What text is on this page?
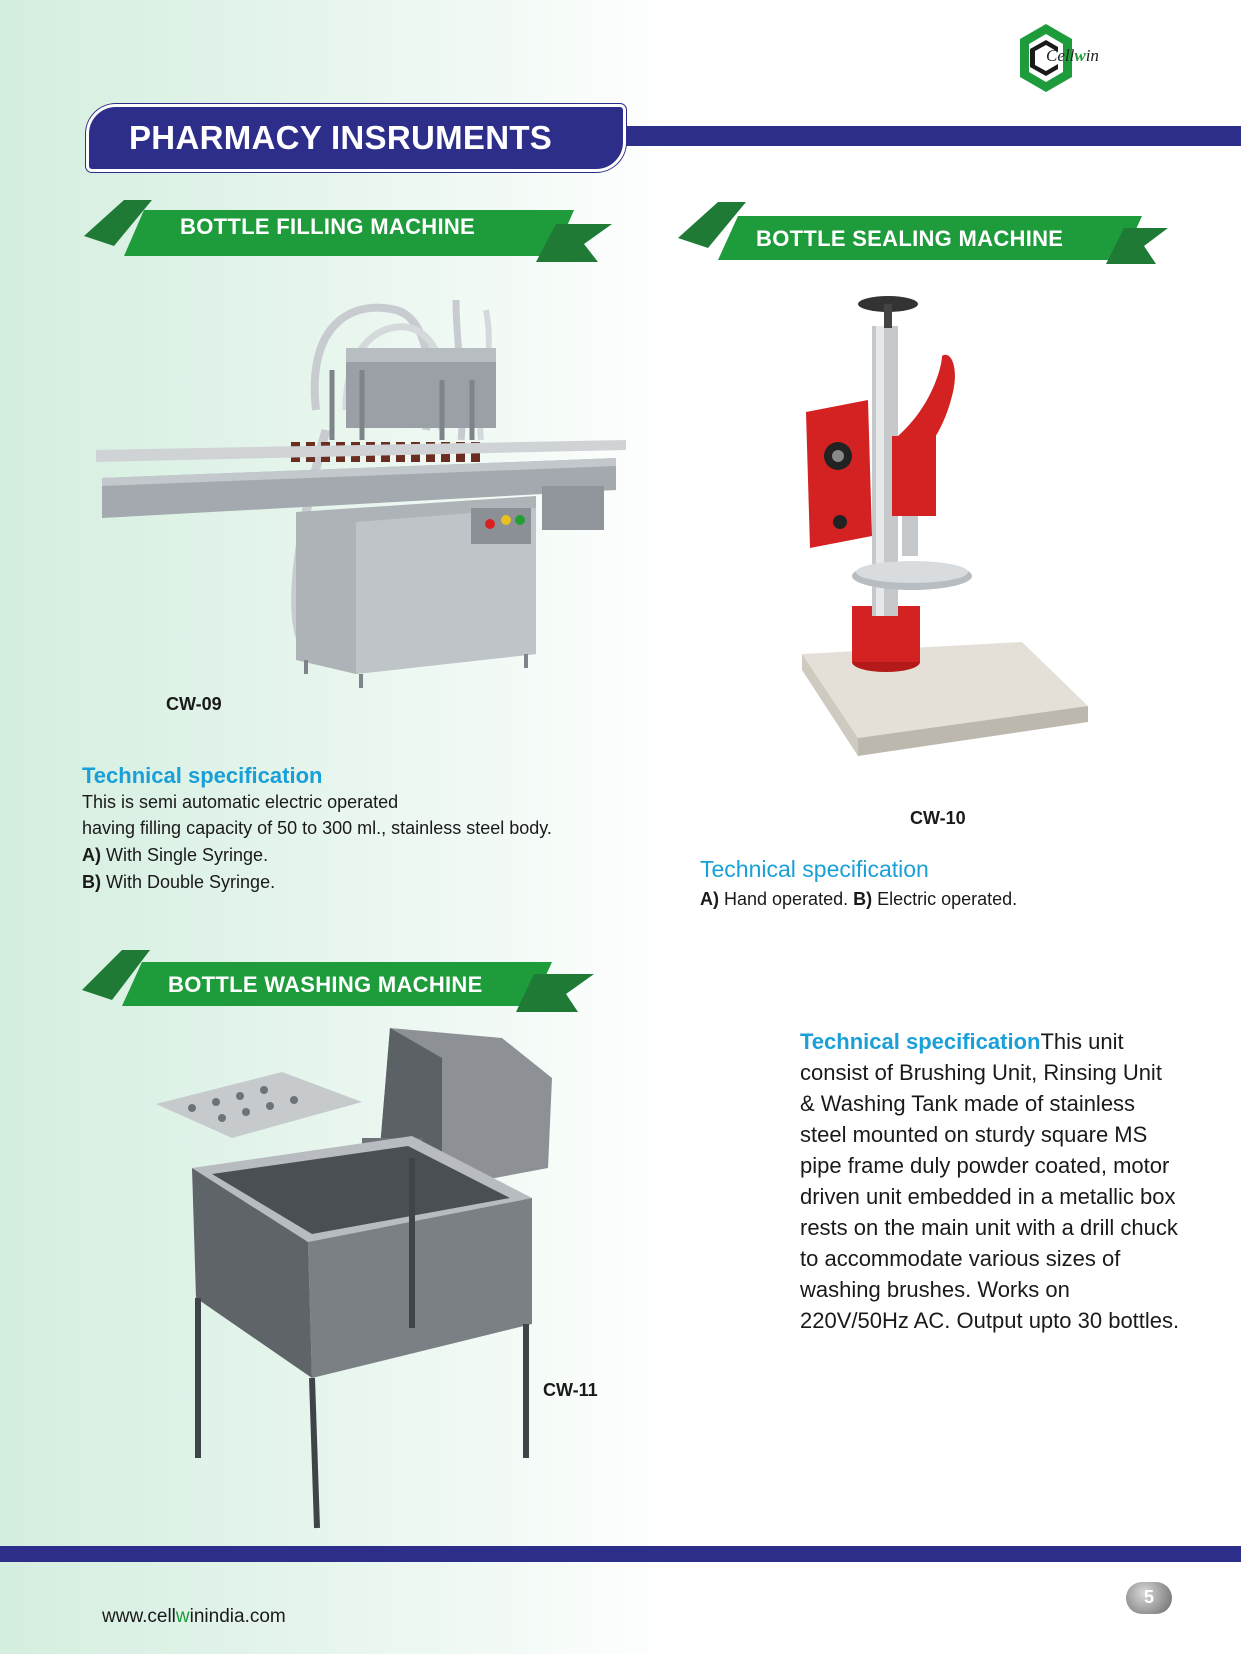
Cellwin
PHARMACY INSRUMENTS
BOTTLE FILLING MACHINE	BOTTLE SEALING MACHINE
BOTTLE WASHING MACHINE
CW-09
Technical specification
This is semi automatic electric operated
having filling capacity of 50 to 300 ml., stainless steel body.
A) With Single Syringe.
B) With Double Syringe.
CW-10
Technical specification
A) Hand operated. B) Electric operated.
CW-11
Technical specificationThis unit consist of Brushing Unit, Rinsing Unit & Washing Tank made of stainless steel mounted on sturdy square MS pipe frame duly powder coated, motor driven unit embedded in a metallic box rests on the main unit with a drill chuck to accommodate various sizes of washing brushes. Works on 220V/50Hz AC. Output upto 30 bottles.
5
www.cellwinindia.com
